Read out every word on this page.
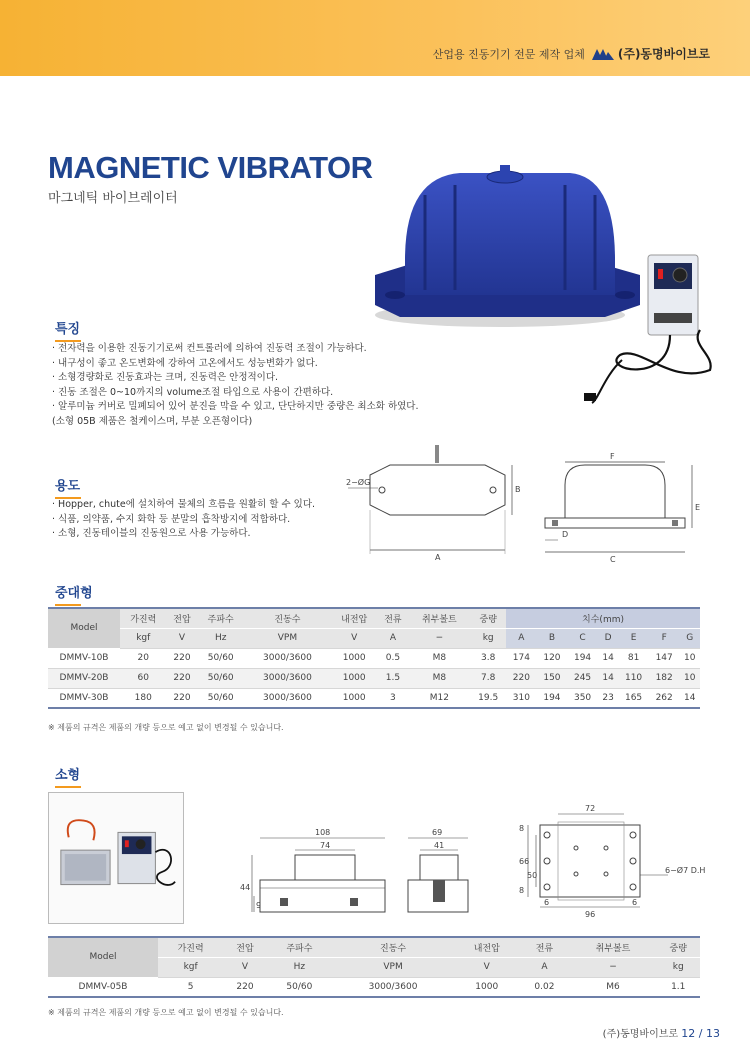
산업용 진동기기 전문 제작 업체	(주)동명바이브로
MAGNETIC VIBRATOR
마그네틱 바이브레이터
특징
· 전자력을 이용한 진동기기로써 컨트롤러에 의하여 진동력 조절이 가능하다.
· 내구성이 좋고 온도변화에 강하여 고온에서도 성능변화가 없다.
· 소형경량화로 진동효과는 크며, 진동력은 안정적이다.
· 진동 조절은 0~10까지의 volume조절 타입으로 사용이 간편하다.
· 알루미늄 커버로 밀폐되어 있어 분진을 막을 수 있고, 단단하지만 중량은 최소화 하였다.
(소형 05B 제품은 철케이스며, 부분 오픈형이다)
용도
· Hopper, chute에 설치하여 물체의 흐름을 원활히 할 수 있다.
· 식품, 의약품, 수지 화학 등 분말의 흡착방지에 적합하다.
· 소형, 진동테이블의 진동원으로 사용 가능하다.
2−ØG
A
B
F
E
D
C
중대형
Model	가진력	전압	주파수	진동수	내전압	전류	취부볼트	중량	치수(mm)						
	kgf	V	Hz	VPM	V	A	−	kg	A	B	C	D	E	F	G
DMMV-10B	20	220	50/60	3000/3600	1000	0.5	M8	3.8	174	120	194	14	81	147	10
DMMV-20B	60	220	50/60	3000/3600	1000	1.5	M8	7.8	220	150	245	14	110	182	10
DMMV-30B	180	220	50/60	3000/3600	1000	3	M12	19.5	310	194	350	23	165	262	14
※ 제품의 규격은 제품의 개량 등으로 예고 없이 변경될 수 있습니다.
소형
108
74
44
9
69
41
72
8
66
50
8
6
96
6
6−Ø7 D.H
Model	가진력	전압	주파수	진동수	내전압	전류	취부볼트	중량
	kgf	V	Hz	VPM	V	A	−	kg
DMMV-05B	5	220	50/60	3000/3600	1000	0.02	M6	1.1
※ 제품의 규격은 제품의 개량 등으로 예고 없이 변경될 수 있습니다.
(주)동명바이브로 12 / 13
